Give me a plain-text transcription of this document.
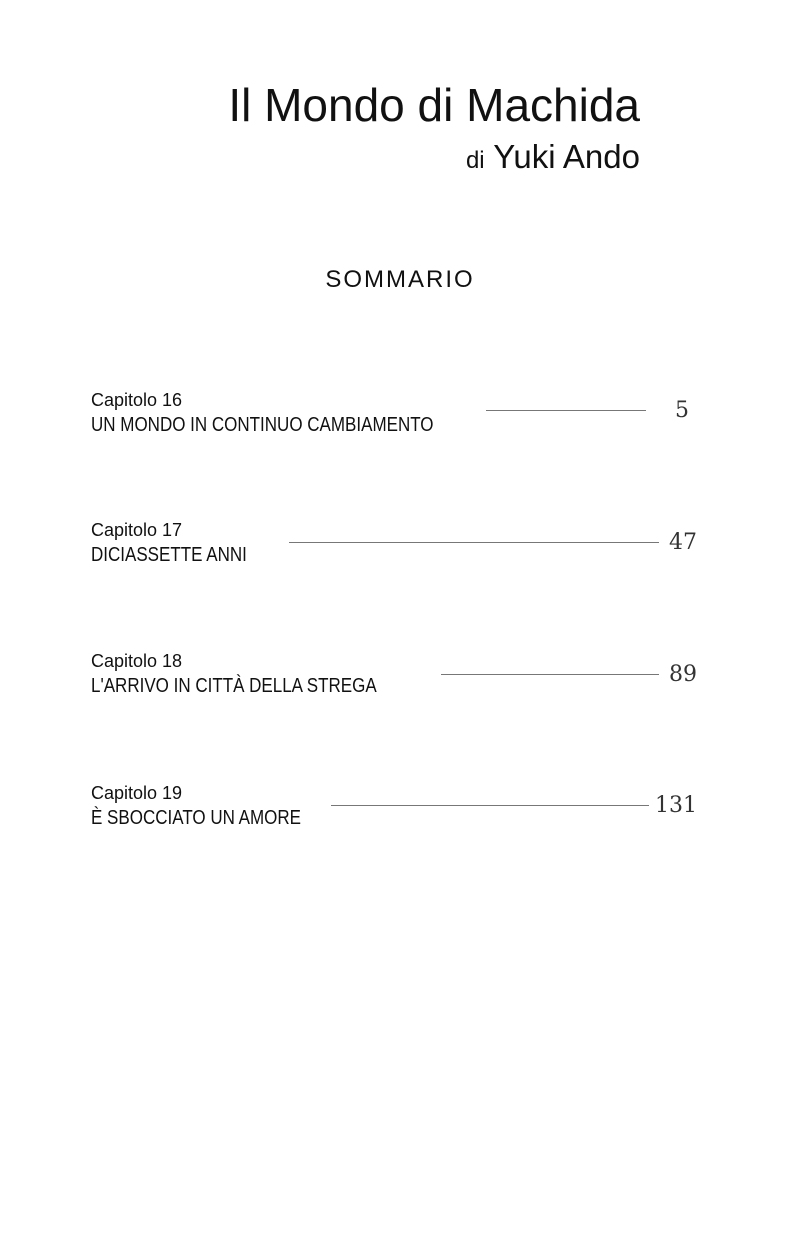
Il Mondo di Machida
di Yuki Ando
SOMMARIO
Capitolo 16
UN MONDO IN CONTINUO CAMBIAMENTO
5
Capitolo 17
DICIASSETTE ANNI	47
Capitolo 18
L'ARRIVO IN CITTÀ DELLA STREGA	89
Capitolo 19
È SBOCCIATO UN AMORE	131
